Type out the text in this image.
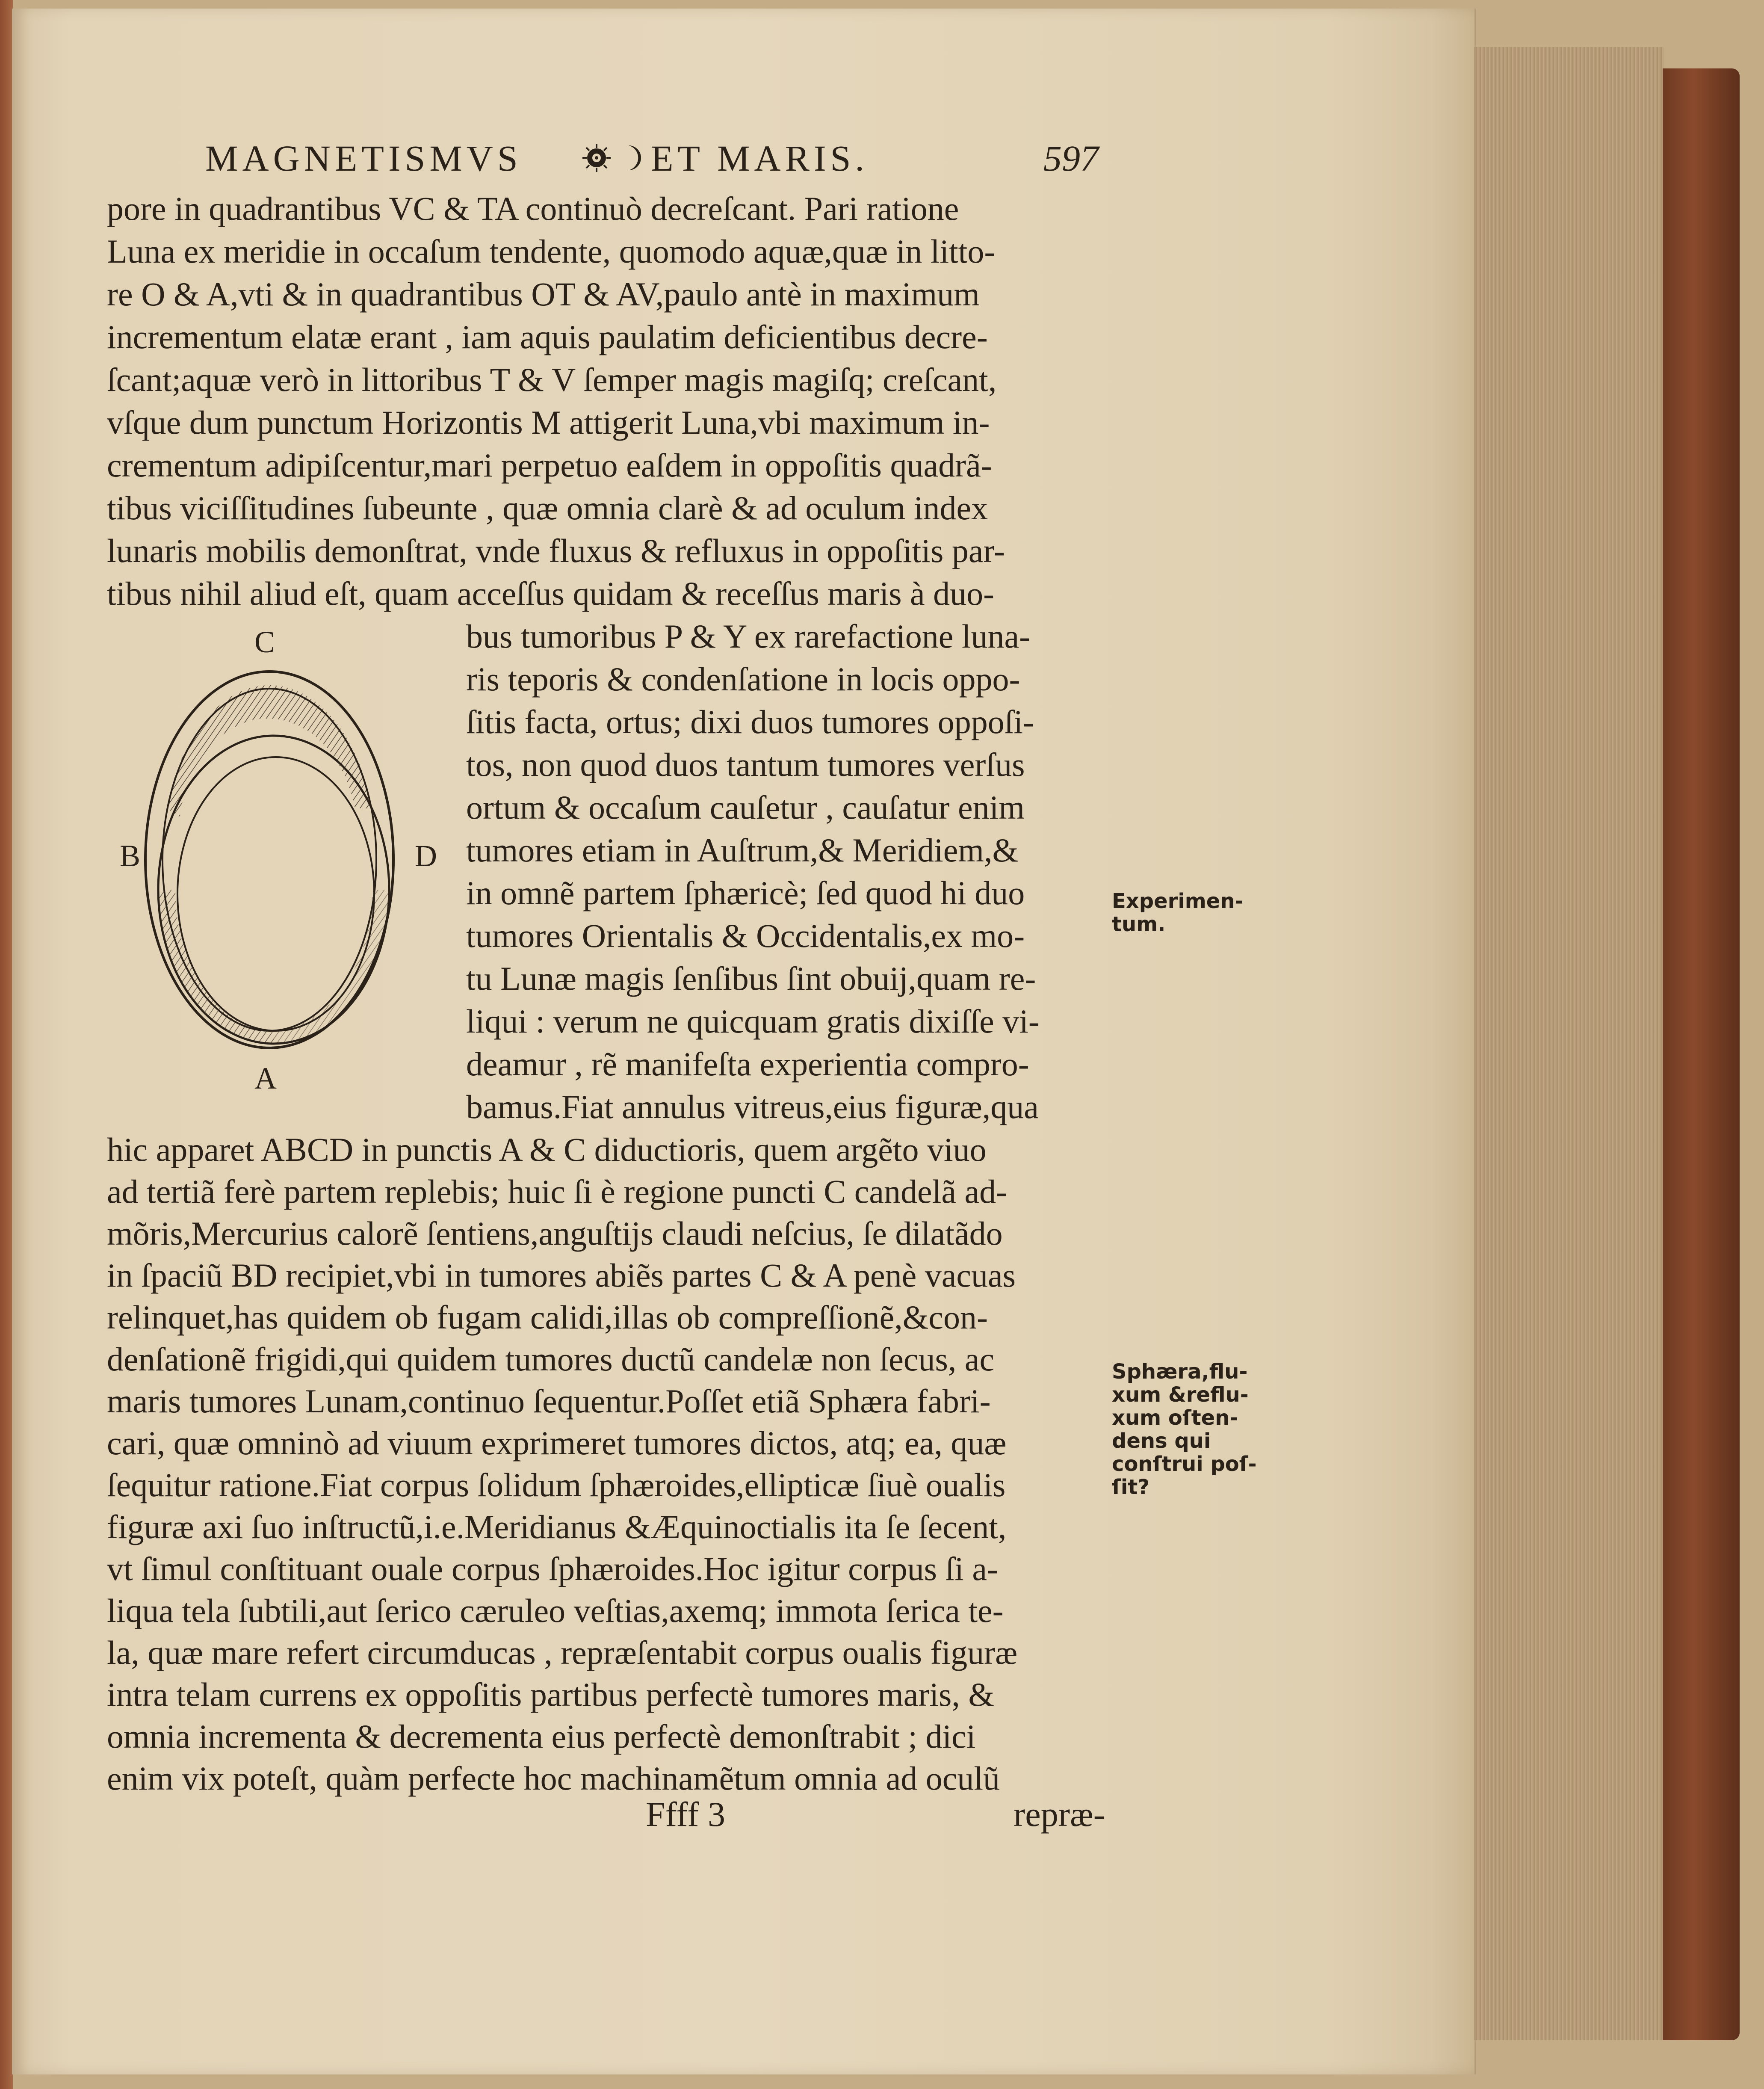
MAGNETISMVS	ET MARIS.	597
pore in quadrantibus VC & TA continuò decreſcant. Pari ratione
Luna ex meridie in occaſum tendente, quomodo aquæ,quæ in litto-
re O & A,vti & in quadrantibus OT & AV,paulo antè in maximum
incrementum elatæ erant , iam aquis paulatim deficientibus decre-
ſcant;aquæ verò in littoribus T & V ſemper magis magiſq; creſcant,
vſque dum punctum Horizontis M attigerit Luna,vbi maximum in-
crementum adipiſcentur,mari perpetuo eaſdem in oppoſitis quadrã-
tibus viciſſitudines ſubeunte , quæ omnia clarè & ad oculum index
lunaris mobilis demonſtrat, vnde fluxus & refluxus in oppoſitis par-
tibus nihil aliud eſt, quam acceſſus quidam & receſſus maris à duo-
C
B	D
A
bus tumoribus P & Y ex rarefactione luna-
ris teporis & condenſatione in locis oppo-
ſitis facta, ortus; dixi duos tumores oppoſi-
tos, non quod duos tantum tumores verſus
ortum & occaſum cauſetur , cauſatur enim
tumores etiam in Auſtrum,& Meridiem,&
in omnẽ partem ſphæricè; ſed quod hi duo
tumores Orientalis & Occidentalis,ex mo-
tu Lunæ magis ſenſibus ſint obuij,quam re-
liqui : verum ne quicquam gratis dixiſſe vi-
deamur , rẽ manifeſta experientia compro-
bamus.Fiat annulus vitreus,eius figuræ,qua
hic apparet ABCD in punctis A & C diductioris, quem argẽto viuo
ad tertiã ferè partem replebis; huic ſi è regione puncti C candelã ad-
mõris,Mercurius calorẽ ſentiens,anguſtijs claudi neſcius, ſe dilatãdo
in ſpaciũ BD recipiet,vbi in tumores abiẽs partes C & A penè vacuas
relinquet,has quidem ob fugam calidi,illas ob compreſſionẽ,&con-
denſationẽ frigidi,qui quidem tumores ductũ candelæ non ſecus, ac
maris tumores Lunam,continuo ſequentur.Poſſet etiã Sphæra fabri-
cari, quæ omninò ad viuum exprimeret tumores dictos, atq; ea, quæ
ſequitur ratione.Fiat corpus ſolidum ſphæroides,ellipticæ ſiuè oualis
figuræ axi ſuo inſtructũ,i.e.Meridianus &Æquinoctialis ita ſe ſecent,
vt ſimul conſtituant ouale corpus ſphæroides.Hoc igitur corpus ſi a-
liqua tela ſubtili,aut ſerico cæruleo veſtias,axemq; immota ſerica te-
la, quæ mare refert circumducas , repræſentabit corpus oualis figuræ
intra telam currens ex oppoſitis partibus perfectè tumores maris, &
omnia incrementa & decrementa eius perfectè demonſtrabit ; dici
enim vix poteſt, quàm perfecte hoc machinamẽtum omnia ad oculũ
Experimen-
tum.
Sphæra,flu-
xum &reflu-
xum oſten-
dens qui
conſtrui poſ-
ſit?
Ffff 3	repræ-
